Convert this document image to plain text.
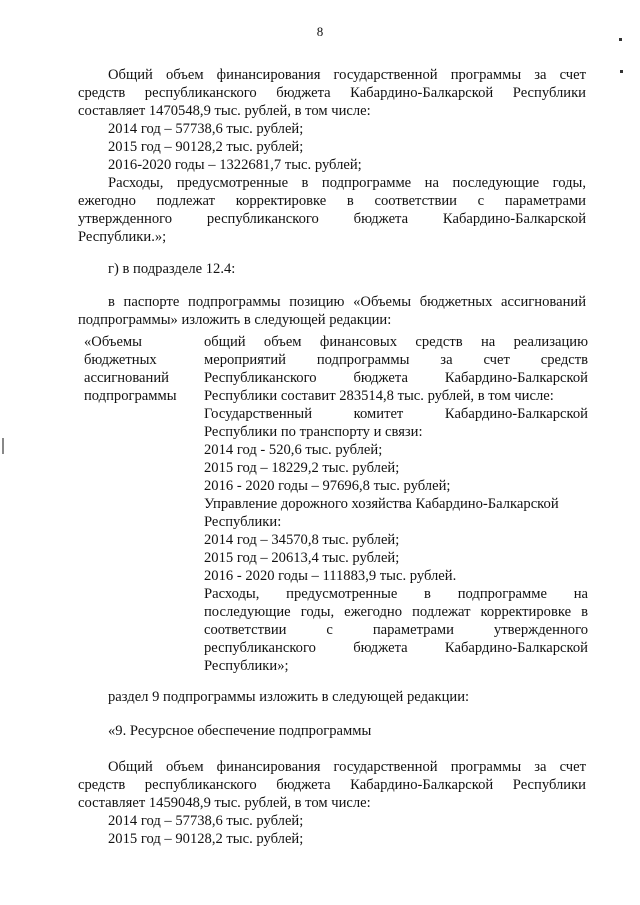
8
Общий объем финансирования государственной программы за счет
средств республиканского бюджета Кабардино-Балкарской Республики
составляет 1470548,9 тыс. рублей, в том числе:
2014 год – 57738,6 тыс. рублей;
2015 год – 90128,2 тыс. рублей;
2016-2020 годы – 1322681,7 тыс. рублей;
Расходы, предусмотренные в подпрограмме на последующие годы,
ежегодно подлежат корректировке в соответствии с параметрами
утвержденного республиканского бюджета Кабардино-Балкарской
Республики.»;
г) в подразделе 12.4:
в паспорте подпрограммы позицию «Объемы бюджетных ассигнований
подпрограммы» изложить в следующей редакции:
«Объемы
бюджетных
ассигнований
подпрограммы
общий объем финансовых средств на реализацию
мероприятий подпрограммы за счет средств
Республиканского бюджета Кабардино-Балкарской
Республики составит 283514,8 тыс. рублей, в том числе:
Государственный комитет Кабардино-Балкарской
Республики по транспорту и связи:
2014 год - 520,6 тыс. рублей;
2015 год – 18229,2 тыс. рублей;
2016 - 2020 годы – 97696,8 тыс. рублей;
Управление дорожного хозяйства Кабардино-Балкарской
Республики:
2014 год – 34570,8 тыс. рублей;
2015 год – 20613,4 тыс. рублей;
2016 - 2020 годы – 111883,9 тыс. рублей.
Расходы, предусмотренные в подпрограмме на
последующие годы, ежегодно подлежат корректировке в
соответствии с параметрами утвержденного
республиканского бюджета Кабардино-Балкарской
Республики»;
раздел 9 подпрограммы изложить в следующей редакции:
«9. Ресурсное обеспечение подпрограммы
Общий объем финансирования государственной программы за счет
средств республиканского бюджета Кабардино-Балкарской Республики
составляет 1459048,9 тыс. рублей, в том числе:
2014 год – 57738,6 тыс. рублей;
2015 год – 90128,2 тыс. рублей;
